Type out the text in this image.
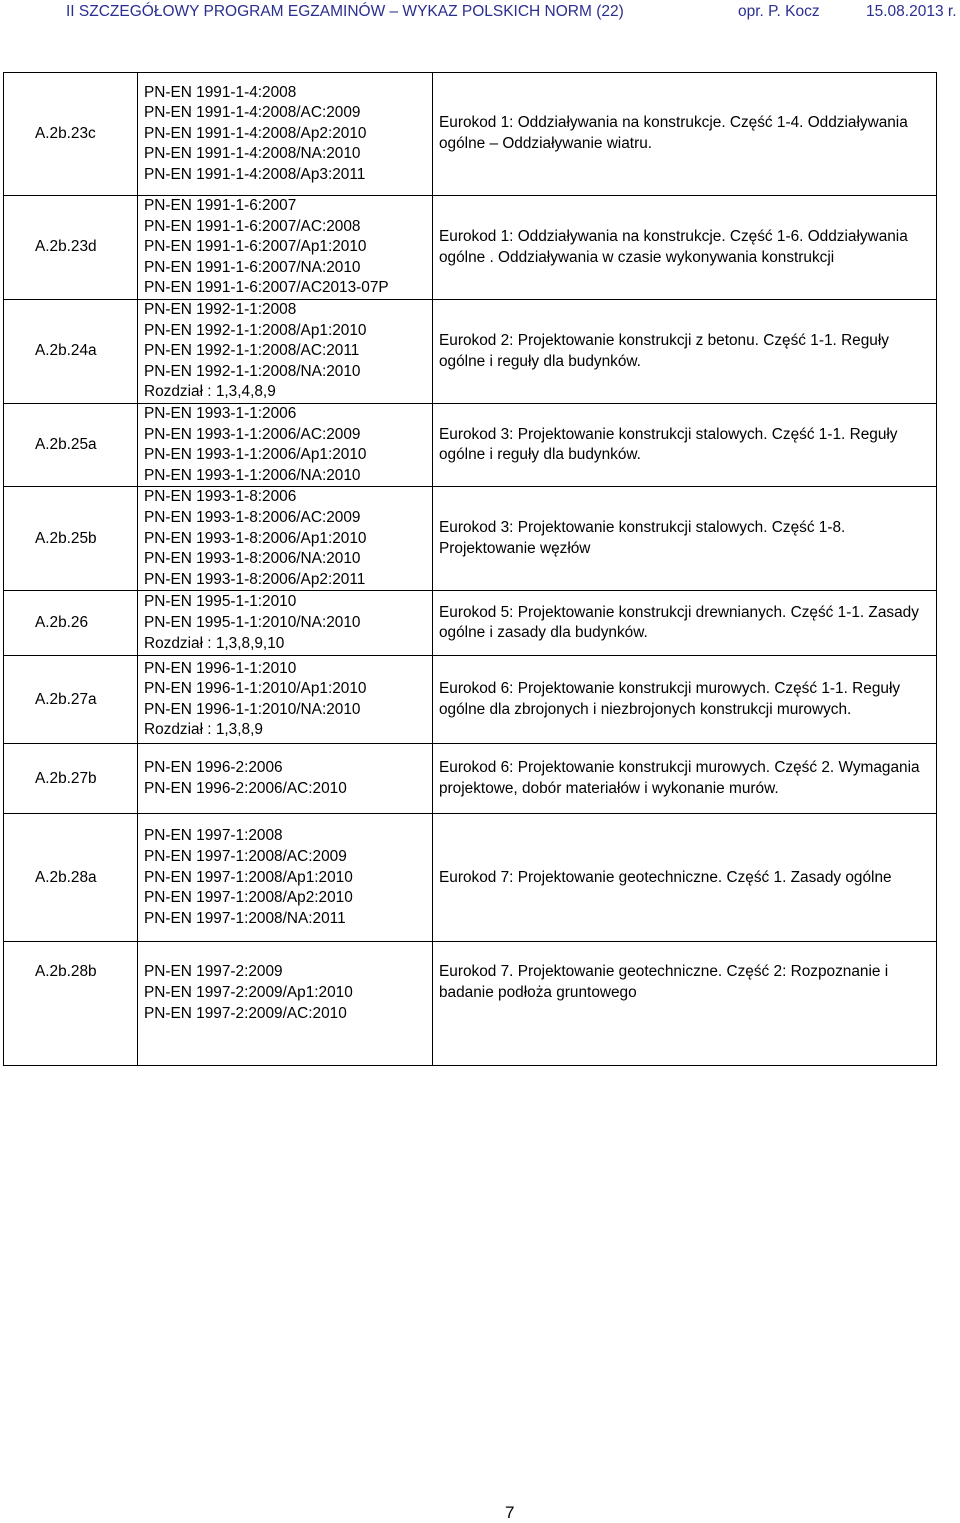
II SZCZEGÓŁOWY PROGRAM EGZAMINÓW – WYKAZ POLSKICH NORM (22)	opr. P. Kocz	15.08.2013 r.
A.2b.23c	PN-EN 1991-1-4:2008
PN-EN 1991-1-4:2008/AC:2009
PN-EN 1991-1-4:2008/Ap2:2010
PN-EN 1991-1-4:2008/NA:2010
PN-EN 1991-1-4:2008/Ap3:2011	Eurokod 1: Oddziaływania na konstrukcje. Część 1-4. Oddziaływania ogólne – Oddziaływanie wiatru.
A.2b.23d	PN-EN 1991-1-6:2007
PN-EN 1991-1-6:2007/AC:2008
PN-EN 1991-1-6:2007/Ap1:2010
PN-EN 1991-1-6:2007/NA:2010
PN-EN 1991-1-6:2007/AC2013-07P	Eurokod 1: Oddziaływania na konstrukcje. Część 1-6. Oddziaływania ogólne . Oddziaływania w czasie wykonywania konstrukcji
A.2b.24a	PN-EN 1992-1-1:2008
PN-EN 1992-1-1:2008/Ap1:2010
PN-EN 1992-1-1:2008/AC:2011
PN-EN 1992-1-1:2008/NA:2010
Rozdział : 1,3,4,8,9	Eurokod 2: Projektowanie konstrukcji z betonu. Część 1-1. Reguły ogólne i reguły dla budynków.
A.2b.25a	PN-EN 1993-1-1:2006
PN-EN 1993-1-1:2006/AC:2009
PN-EN 1993-1-1:2006/Ap1:2010
PN-EN 1993-1-1:2006/NA:2010	Eurokod 3: Projektowanie konstrukcji stalowych. Część 1-1. Reguły ogólne i reguły dla budynków.
A.2b.25b	PN-EN 1993-1-8:2006
PN-EN 1993-1-8:2006/AC:2009
PN-EN 1993-1-8:2006/Ap1:2010
PN-EN 1993-1-8:2006/NA:2010
PN-EN 1993-1-8:2006/Ap2:2011	Eurokod 3: Projektowanie konstrukcji stalowych. Część 1-8. Projektowanie węzłów
A.2b.26	PN-EN 1995-1-1:2010
PN-EN 1995-1-1:2010/NA:2010
Rozdział : 1,3,8,9,10	Eurokod 5: Projektowanie konstrukcji drewnianych. Część 1-1. Zasady ogólne i zasady dla budynków.
A.2b.27a	PN-EN 1996-1-1:2010
PN-EN 1996-1-1:2010/Ap1:2010
PN-EN 1996-1-1:2010/NA:2010
Rozdział : 1,3,8,9	Eurokod 6: Projektowanie konstrukcji murowych. Część 1-1. Reguły ogólne dla zbrojonych i niezbrojonych konstrukcji murowych.
A.2b.27b	PN-EN 1996-2:2006
PN-EN 1996-2:2006/AC:2010	Eurokod 6: Projektowanie konstrukcji murowych. Część 2. Wymagania projektowe, dobór materiałów i wykonanie murów.
A.2b.28a	PN-EN 1997-1:2008
PN-EN 1997-1:2008/AC:2009
PN-EN 1997-1:2008/Ap1:2010
PN-EN 1997-1:2008/Ap2:2010
PN-EN 1997-1:2008/NA:2011	Eurokod 7: Projektowanie geotechniczne. Część 1. Zasady ogólne
A.2b.28b	PN-EN 1997-2:2009
PN-EN 1997-2:2009/Ap1:2010
PN-EN 1997-2:2009/AC:2010	Eurokod 7. Projektowanie geotechniczne. Część 2: Rozpoznanie i badanie podłoża gruntowego
7
